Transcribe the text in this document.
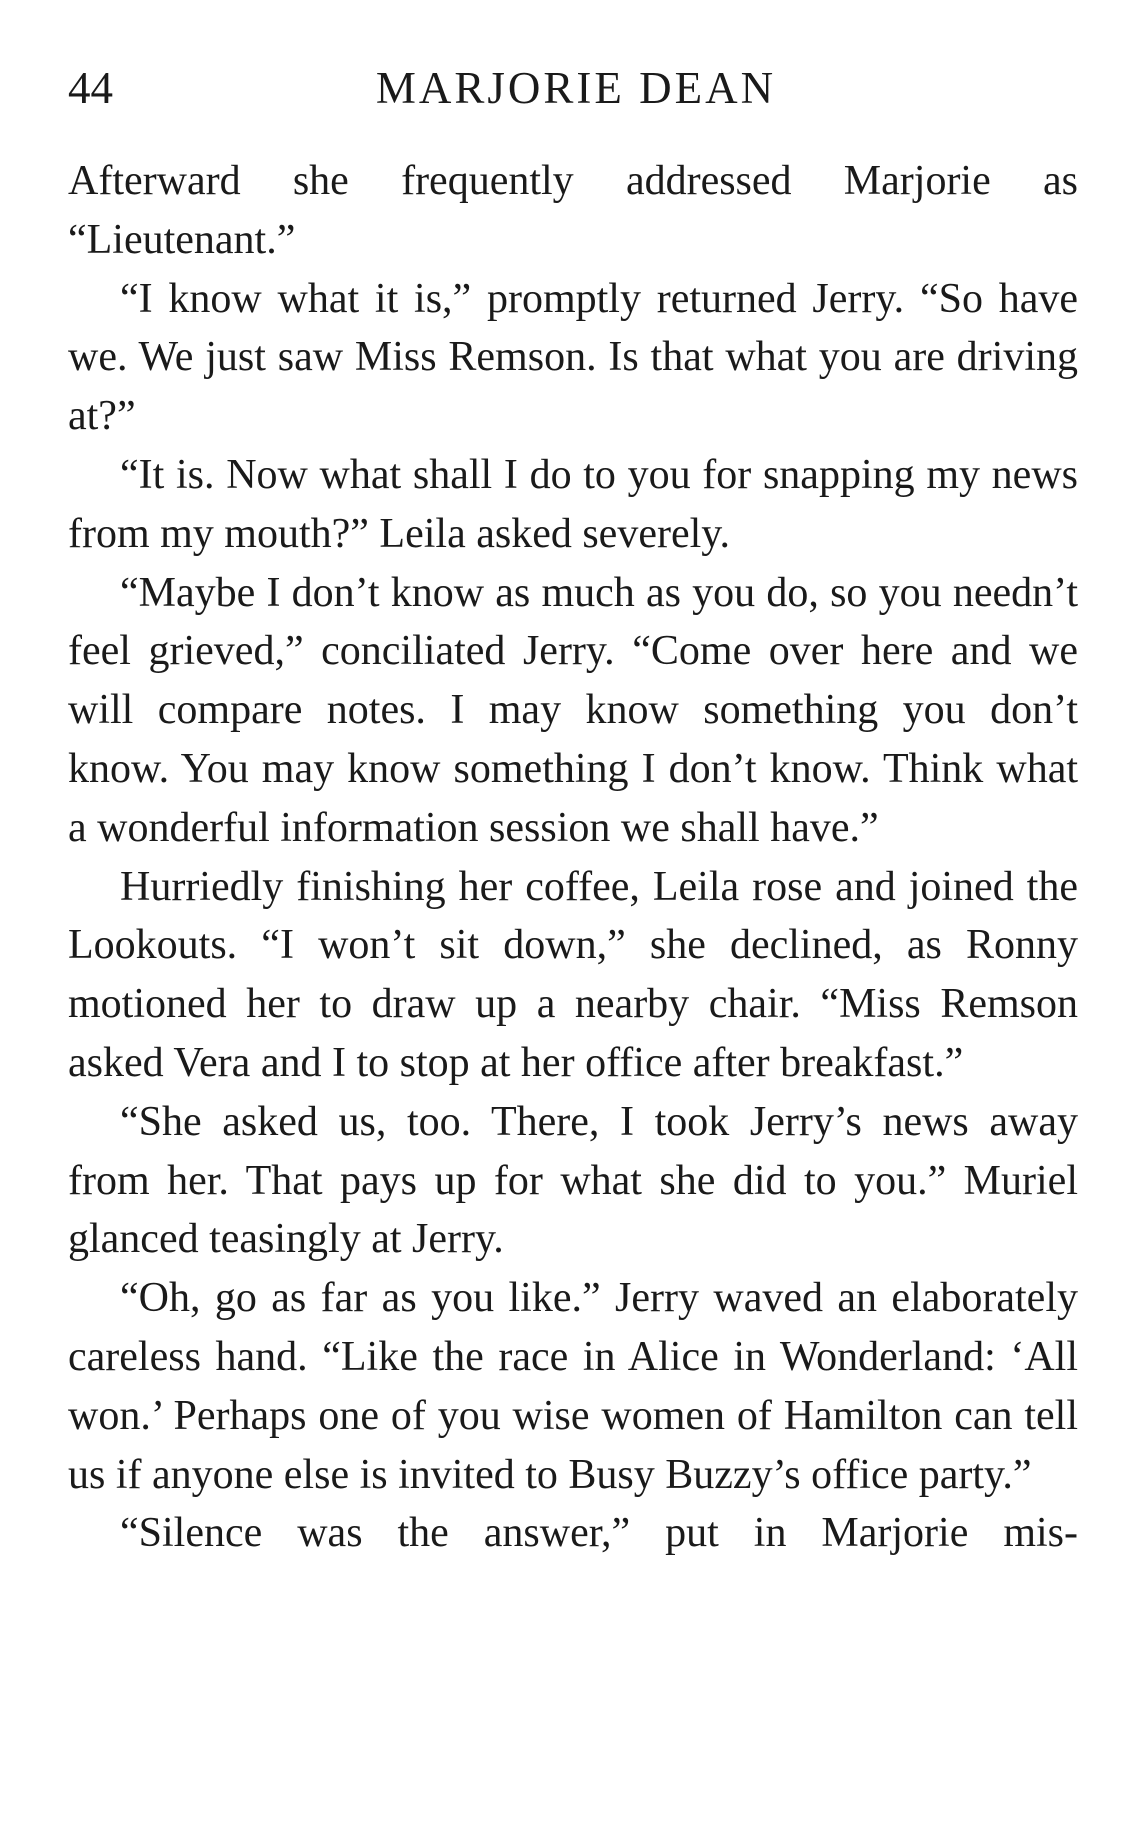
44	MARJORIE DEAN

Afterward she frequently addressed Marjorie as “Lieutenant.”

“I know what it is,” promptly returned Jerry. “So have we. We just saw Miss Remson. Is that what you are driving at?”

“It is. Now what shall I do to you for snapping my news from my mouth?” Leila asked severely.

“Maybe I don’t know as much as you do, so you needn’t feel grieved,” conciliated Jerry. “Come over here and we will compare notes. I may know something you don’t know. You may know something I don’t know. Think what a wonderful information session we shall have.”

Hurriedly finishing her coffee, Leila rose and joined the Lookouts. “I won’t sit down,” she declined, as Ronny motioned her to draw up a nearby chair. “Miss Remson asked Vera and I to stop at her office after breakfast.”

“She asked us, too. There, I took Jerry’s news away from her. That pays up for what she did to you.” Muriel glanced teasingly at Jerry.

“Oh, go as far as you like.” Jerry waved an elaborately careless hand. “Like the race in Alice in Wonderland: ‘All won.’ Perhaps one of you wise women of Hamilton can tell us if anyone else is invited to Busy Buzzy’s office party.”

“Silence was the answer,” put in Marjorie mis-
